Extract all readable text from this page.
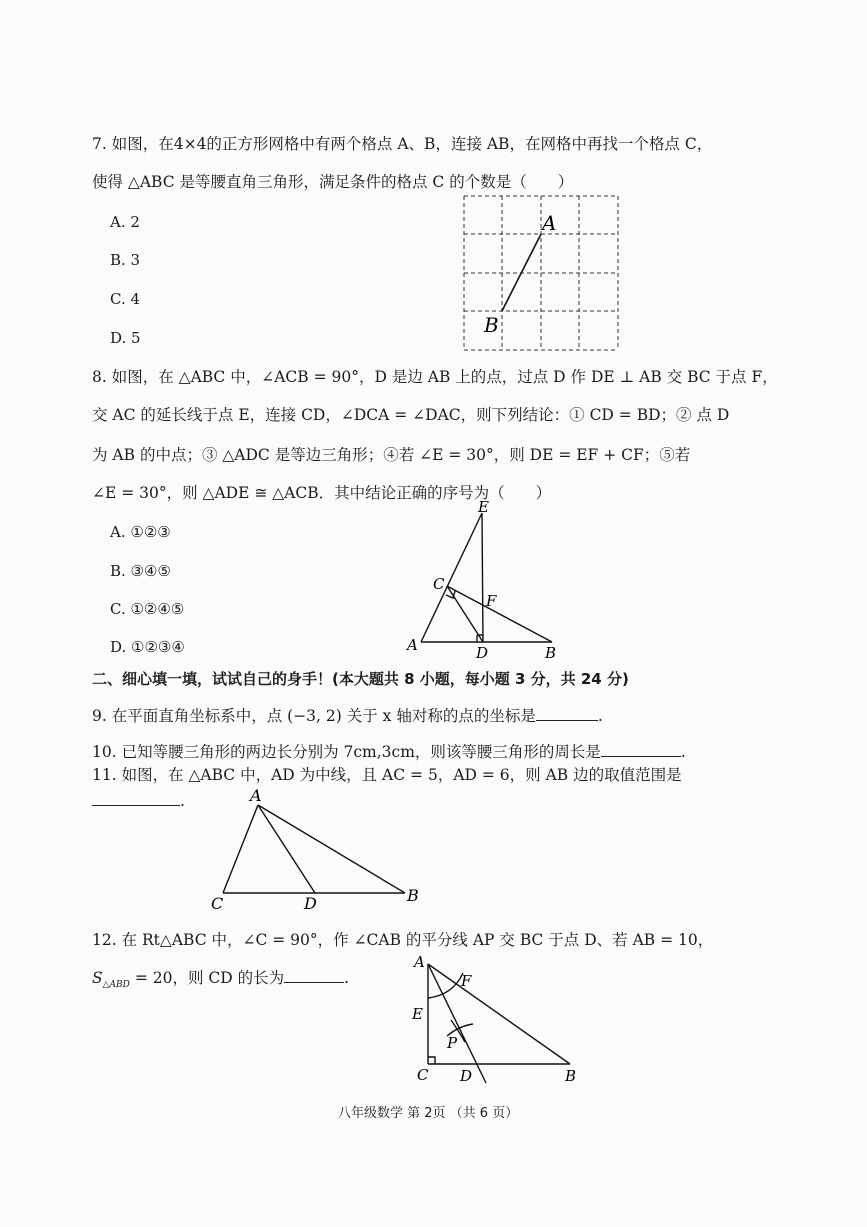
7. 如图，在4×4的正方形网格中有两个格点 A、B，连接 AB，在网格中再找一个格点 C，
使得 △ABC 是等腰直角三角形，满足条件的格点 C 的个数是（　　）
A. 2
B. 3
C. 4
D. 5
A
B
8. 如图，在 △ABC 中，∠ACB = 90°，D 是边 AB 上的点，过点 D 作 DE ⊥ AB 交 BC 于点 F，
交 AC 的延长线于点 E，连接 CD，∠DCA = ∠DAC，则下列结论：① CD = BD；② 点 D
为 AB 的中点；③ △ADC 是等边三角形；④若 ∠E = 30°，则 DE = EF + CF；⑤若
∠E = 30°，则 △ADE ≅ △ACB．其中结论正确的序号为（　　）
A. ①②③
B. ③④⑤
C. ①②④⑤
D. ①②③④
E
C
F
A	D	B
二、细心填一填，试试自己的身手！(本大题共 8 小题，每小题 3 分，共 24 分)
9. 在平面直角坐标系中，点 (−3, 2) 关于 x 轴对称的点的坐标是	.
10. 已知等腰三角形的两边长分别为 7cm,3cm，则该等腰三角形的周长是	.
11. 如图，在 △ABC 中，AD 为中线，且 AC = 5，AD = 6，则 AB 边的取值范围是
.	A
C	D	B
12. 在 Rt△ABC 中，∠C = 90°，作 ∠CAB 的平分线 AP 交 BC 于点 D、若 AB = 10，
$S_{\triangle ABD} = 20$，则 CD 的长为	.
A
F
E
P
C D	B
八年级数学 第 2页 （共 6 页）
